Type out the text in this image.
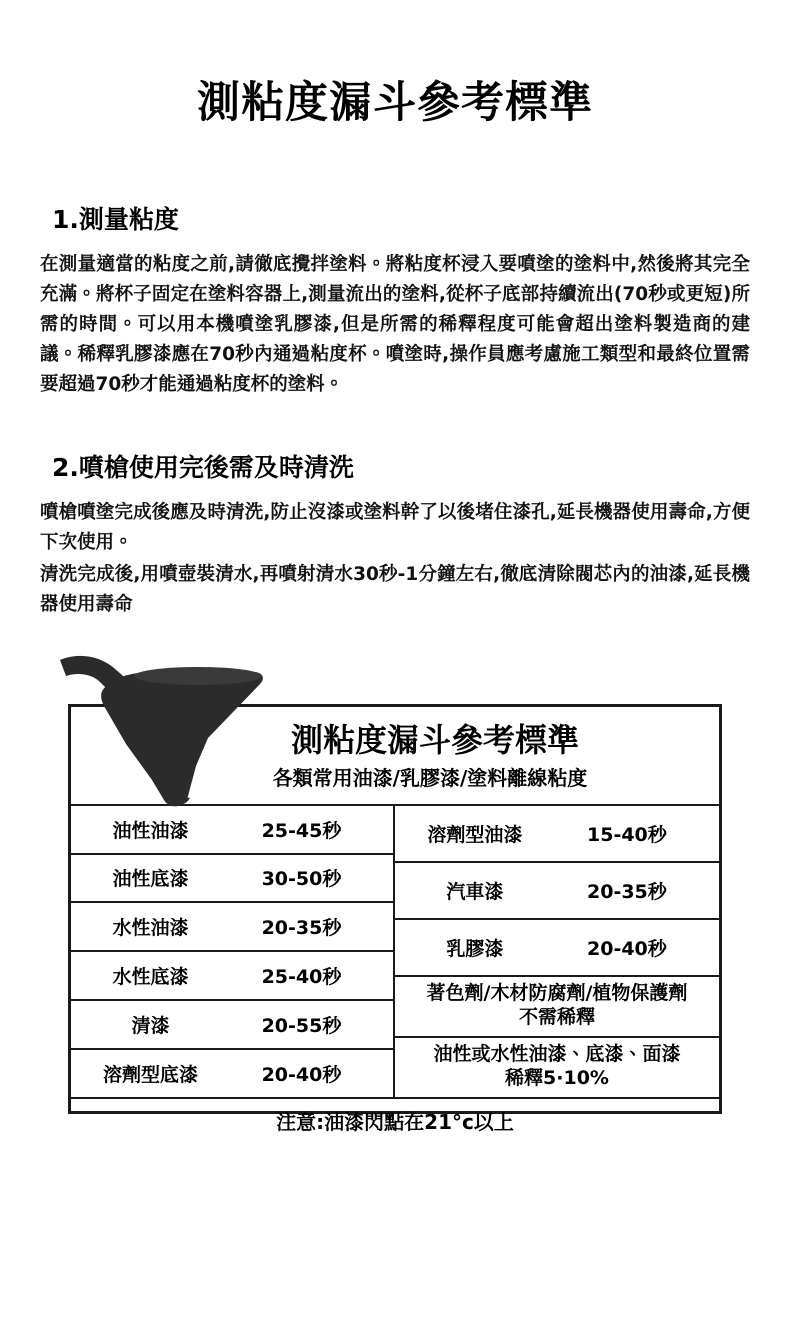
測粘度漏斗參考標準
1.測量粘度

在測量適當的粘度之前,請徹底攪拌塗料。將粘度杯浸入要噴塗的塗料中,然後將其完全充滿。將杯子固定在塗料容器上,測量流出的塗料,從杯子底部持續流出(70秒或更短)所需的時間。可以用本機噴塗乳膠漆,但是所需的稀釋程度可能會超出塗料製造商的建議。稀釋乳膠漆應在70秒內通過粘度杯。噴塗時,操作員應考慮施工類型和最終位置需要超過70秒才能通過粘度杯的塗料。

2.噴槍使用完後需及時清洗

噴槍噴塗完成後應及時清洗,防止沒漆或塗料幹了以後堵住漆孔,延長機器使用壽命,方便下次使用。

清洗完成後,用噴壺裝清水,再噴射清水30秒-1分鐘左右,徹底清除閥芯內的油漆,延長機器使用壽命

測粘度漏斗參考標準
各類常用油漆/乳膠漆/塗料離線粘度
油性油漆	25-45秒
油性底漆	30-50秒
水性油漆	20-35秒
水性底漆	25-40秒
清漆	20-55秒
溶劑型底漆	20-40秒
溶劑型油漆	15-40秒
汽車漆	20-35秒
乳膠漆	20-40秒
著色劑/木材防腐劑/植物保護劑
不需稀釋
油性或水性油漆、底漆、面漆
稀釋5·10%
注意:油漆閃點在21°c以上
